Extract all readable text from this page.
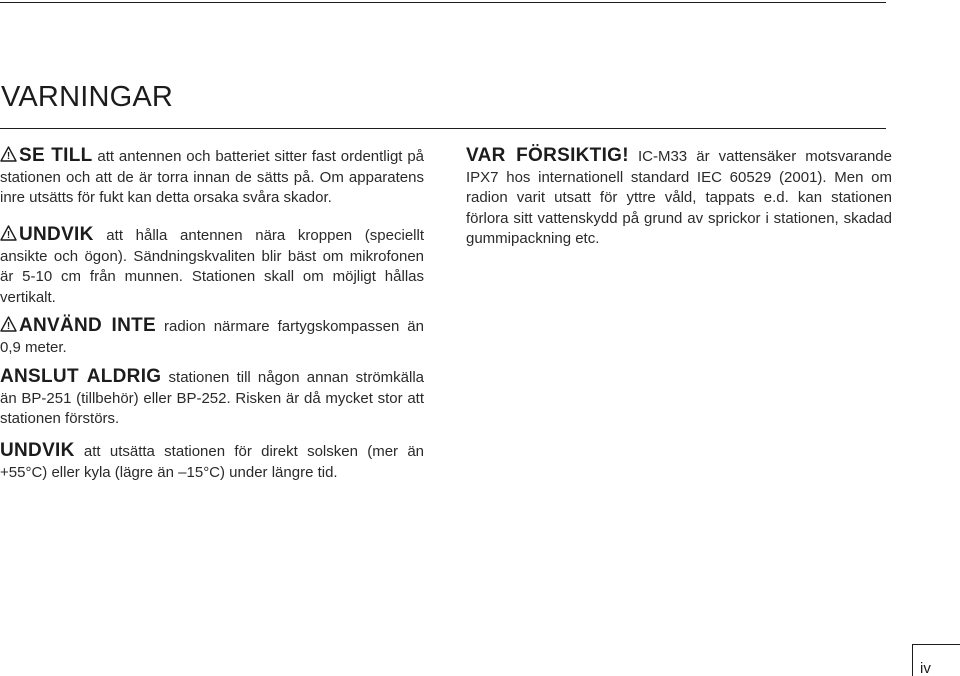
VARNINGAR

! SE TILL att antennen och batteriet sitter fast ordentligt på stationen och att de är torra innan de sätts på. Om apparatens inre utsätts för fukt kan detta orsaka svåra skador.

! UNDVIK att hålla antennen nära kroppen (speciellt ansikte och ögon). Sändningskvaliten blir bäst om mikrofonen är 5-10 cm från munnen. Stationen skall om möjligt hållas vertikalt.

! ANVÄND INTE radion närmare fartygskompassen än 0,9 meter.

ANSLUT ALDRIG stationen till någon annan strömkälla än BP-251 (tillbehör) eller BP-252. Risken är då mycket stor att stationen förstörs.

UNDVIK att utsätta stationen för direkt solsken (mer än +55°C) eller kyla (lägre än –15°C) under längre tid.

VAR FÖRSIKTIG! IC-M33 är vattensäker motsvarande IPX7 hos internationell standard IEC 60529 (2001). Men om radion varit utsatt för yttre våld, tappats e.d. kan stationen förlora sitt vattenskydd på grund av sprickor i stationen, skadad gummipackning etc.

iv
